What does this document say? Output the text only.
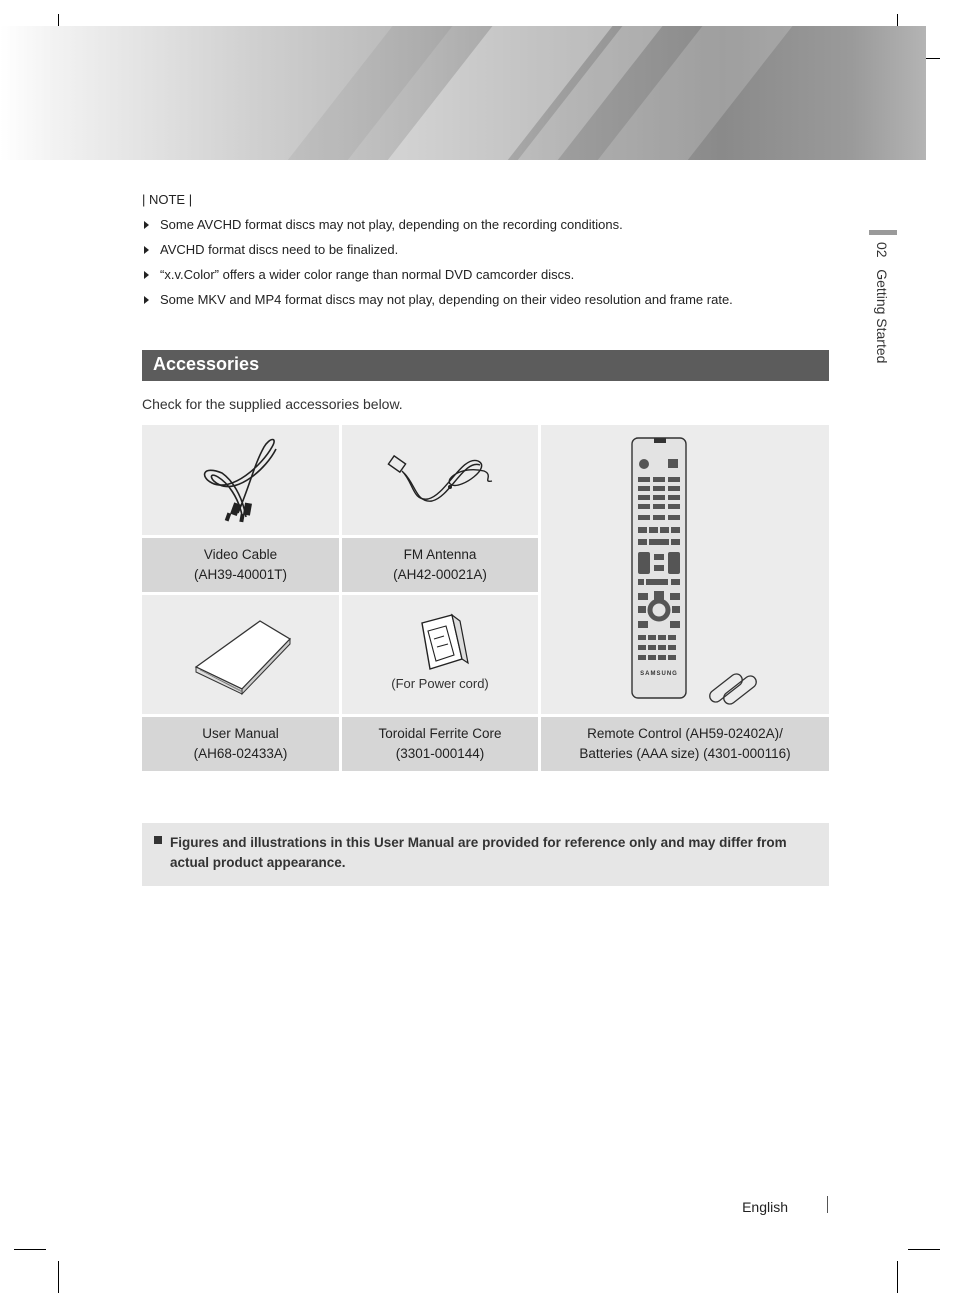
02   Getting Started
| NOTE |
Some AVCHD format discs may not play, depending on the recording conditions.
AVCHD format discs need to be finalized.
“x.v.Color” offers a wider color range than normal DVD camcorder discs.
Some MKV and MP4 format discs may not play, depending on their video resolution and frame rate.
Accessories
Check for the supplied accessories below.
SAMSUNG
Video Cable
(AH39-40001T)
FM Antenna
(AH42-00021A)
(For Power cord)
User Manual
(AH68-02433A)
Toroidal Ferrite Core
(3301-000144)
Remote Control (AH59-02402A)/
Batteries (AAA size) (4301-000116)
Figures and illustrations in this User Manual are provided for reference only and may differ from actual product appearance.
English
